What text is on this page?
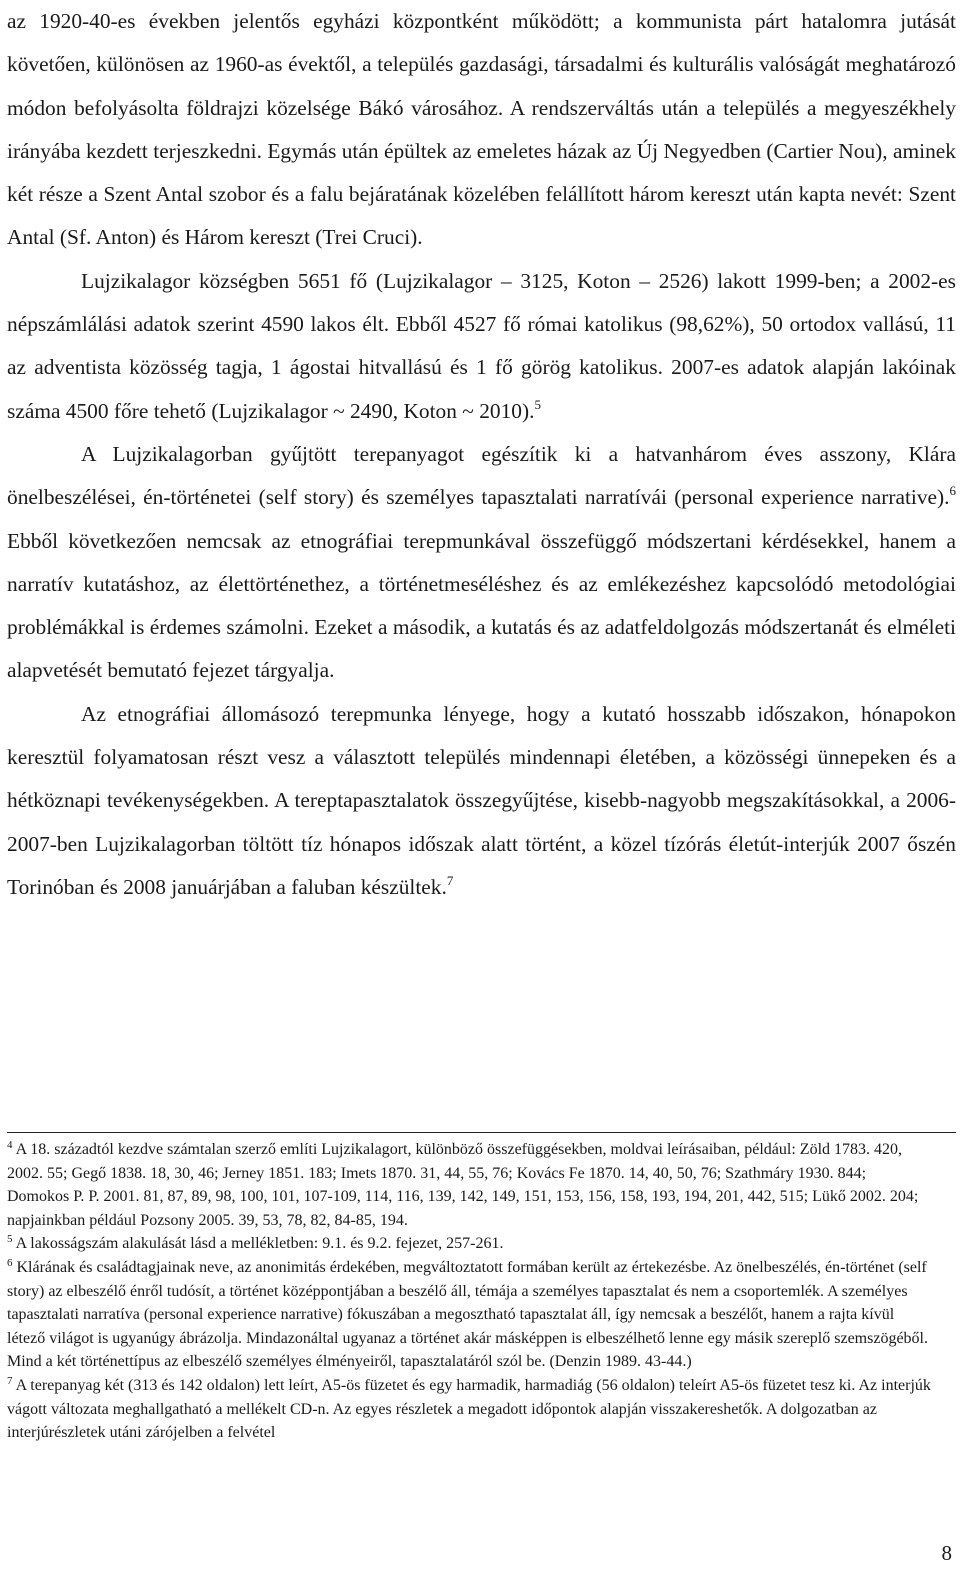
az 1920-40-es években jelentős egyházi központként működött; a kommunista párt hatalomra jutását követően, különösen az 1960-as évektől, a település gazdasági, társadalmi és kulturális valóságát meghatározó módon befolyásolta földrajzi közelsége Bákó városához. A rendszerváltás után a település a megyeszékhely irányába kezdett terjeszkedni. Egymás után épültek az emeletes házak az Új Negyedben (Cartier Nou), aminek két része a Szent Antal szobor és a falu bejáratának közelében felállított három kereszt után kapta nevét: Szent Antal (Sf. Anton) és Három kereszt (Trei Cruci).

Lujzikalagor községben 5651 fő (Lujzikalagor – 3125, Koton – 2526) lakott 1999-ben; a 2002-es népszámlálási adatok szerint 4590 lakos élt. Ebből 4527 fő római katolikus (98,62%), 50 ortodox vallású, 11 az adventista közösség tagja, 1 ágostai hitvallású és 1 fő görög katolikus. 2007-es adatok alapján lakóinak száma 4500 főre tehető (Lujzikalagor ~ 2490, Koton ~ 2010).$^5$

A Lujzikalagorban gyűjtött terepanyagot egészítik ki a hatvanhárom éves asszony, Klára önelbeszélései, én-történetei (self story) és személyes tapasztalati narratívái (personal experience narrative).$^6$ Ebből következően nemcsak az etnográfiai terepmunkával összefüggő módszertani kérdésekkel, hanem a narratív kutatáshoz, az élettörténethez, a történetmeséléshez és az emlékezéshez kapcsolódó metodológiai problémákkal is érdemes számolni. Ezeket a második, a kutatás és az adatfeldolgozás módszertanát és elméleti alapvetését bemutató fejezet tárgyalja.

Az etnográfiai állomásozó terepmunka lényege, hogy a kutató hosszabb időszakon, hónapokon keresztül folyamatosan részt vesz a választott település mindennapi életében, a közösségi ünnepeken és a hétköznapi tevékenységekben. A tereptapasztalatok összegyűjtése, kisebb-nagyobb megszakításokkal, a 2006-2007-ben Lujzikalagorban töltött tíz hónapos időszak alatt történt, a közel tízórás életút-interjúk 2007 őszén Torinóban és 2008 januárjában a faluban készültek.$^7$

$^4$ A 18. századtól kezdve számtalan szerző említi Lujzikalagort, különböző összefüggésekben, moldvai leírásaiban, például: Zöld 1783. 420, 2002. 55; Gegő 1838. 18, 30, 46; Jerney 1851. 183; Imets 1870. 31, 44, 55, 76; Kovács Fe 1870. 14, 40, 50, 76; Szathmáry 1930. 844; Domokos P. P. 2001. 81, 87, 89, 98, 100, 101, 107-109, 114, 116, 139, 142, 149, 151, 153, 156, 158, 193, 194, 201, 442, 515; Lükő 2002. 204; napjainkban például Pozsony 2005. 39, 53, 78, 82, 84-85, 194.

$^5$ A lakosságszám alakulását lásd a mellékletben: 9.1. és 9.2. fejezet, 257-261.

$^6$ Klárának és családtagjainak neve, az anonimitás érdekében, megváltoztatott formában került az értekezésbe. Az önelbeszélés, én-történet (self story) az elbeszélő énről tudósít, a történet középpontjában a beszélő áll, témája a személyes tapasztalat és nem a csoportemlék. A személyes tapasztalati narratíva (personal experience narrative) fókuszában a megosztható tapasztalat áll, így nemcsak a beszélőt, hanem a rajta kívül létező világot is ugyanúgy ábrázolja. Mindazonáltal ugyanaz a történet akár másképpen is elbeszélhető lenne egy másik szereplő szemszögéből. Mind a két történettípus az elbeszélő személyes élményeiről, tapasztalatáról szól be. (Denzin 1989. 43-44.)

$^7$ A terepanyag két (313 és 142 oldalon) lett leírt, A5-ös füzetet és egy harmadik, harmadiág (56 oldalon) teleírt A5-ös füzetet tesz ki. Az interjúk vágott változata meghallgatható a mellékelt CD-n. Az egyes részletek a megadott időpontok alapján visszakereshetők. A dolgozatban az interjúrészletek utáni zárójelben a felvétel

8
